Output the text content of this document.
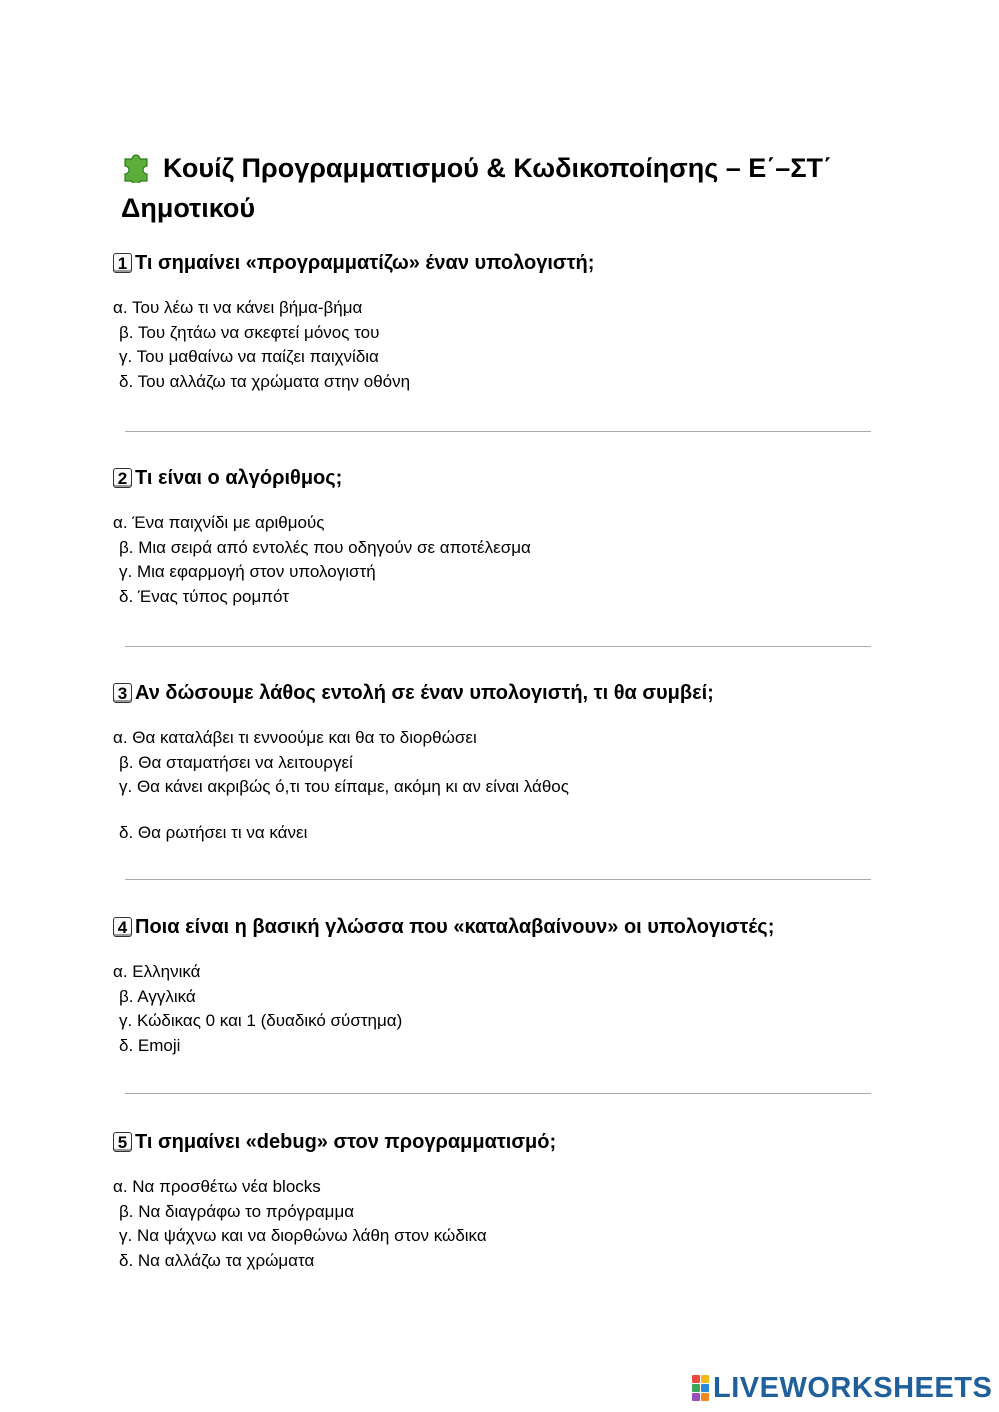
Κουίζ Προγραμματισμού & Κωδικοποίησης – Ε΄–ΣΤ΄ Δημοτικού
1 Τι σημαίνει «προγραμματίζω» έναν υπολογιστή;
α. Του λέω τι να κάνει βήμα-βήμα
β. Του ζητάω να σκεφτεί μόνος του
γ. Του μαθαίνω να παίζει παιχνίδια
δ. Του αλλάζω τα χρώματα στην οθόνη
2 Τι είναι ο αλγόριθμος;
α. Ένα παιχνίδι με αριθμούς
β. Μια σειρά από εντολές που οδηγούν σε αποτέλεσμα
γ. Μια εφαρμογή στον υπολογιστή
δ. Ένας τύπος ρομπότ
3 Αν δώσουμε λάθος εντολή σε έναν υπολογιστή, τι θα συμβεί;
α. Θα καταλάβει τι εννοούμε και θα το διορθώσει
β. Θα σταματήσει να λειτουργεί
γ. Θα κάνει ακριβώς ό,τι του είπαμε, ακόμη κι αν είναι λάθος
δ. Θα ρωτήσει τι να κάνει
4 Ποια είναι η βασική γλώσσα που «καταλαβαίνουν» οι υπολογιστές;
α. Ελληνικά
β. Αγγλικά
γ. Κώδικας 0 και 1 (δυαδικό σύστημα)
δ. Emoji
5 Τι σημαίνει «debug» στον προγραμματισμό;
α. Να προσθέτω νέα blocks
β. Να διαγράφω το πρόγραμμα
γ. Να ψάχνω και να διορθώνω λάθη στον κώδικα
δ. Να αλλάζω τα χρώματα
LIVEWORKSHEETS
